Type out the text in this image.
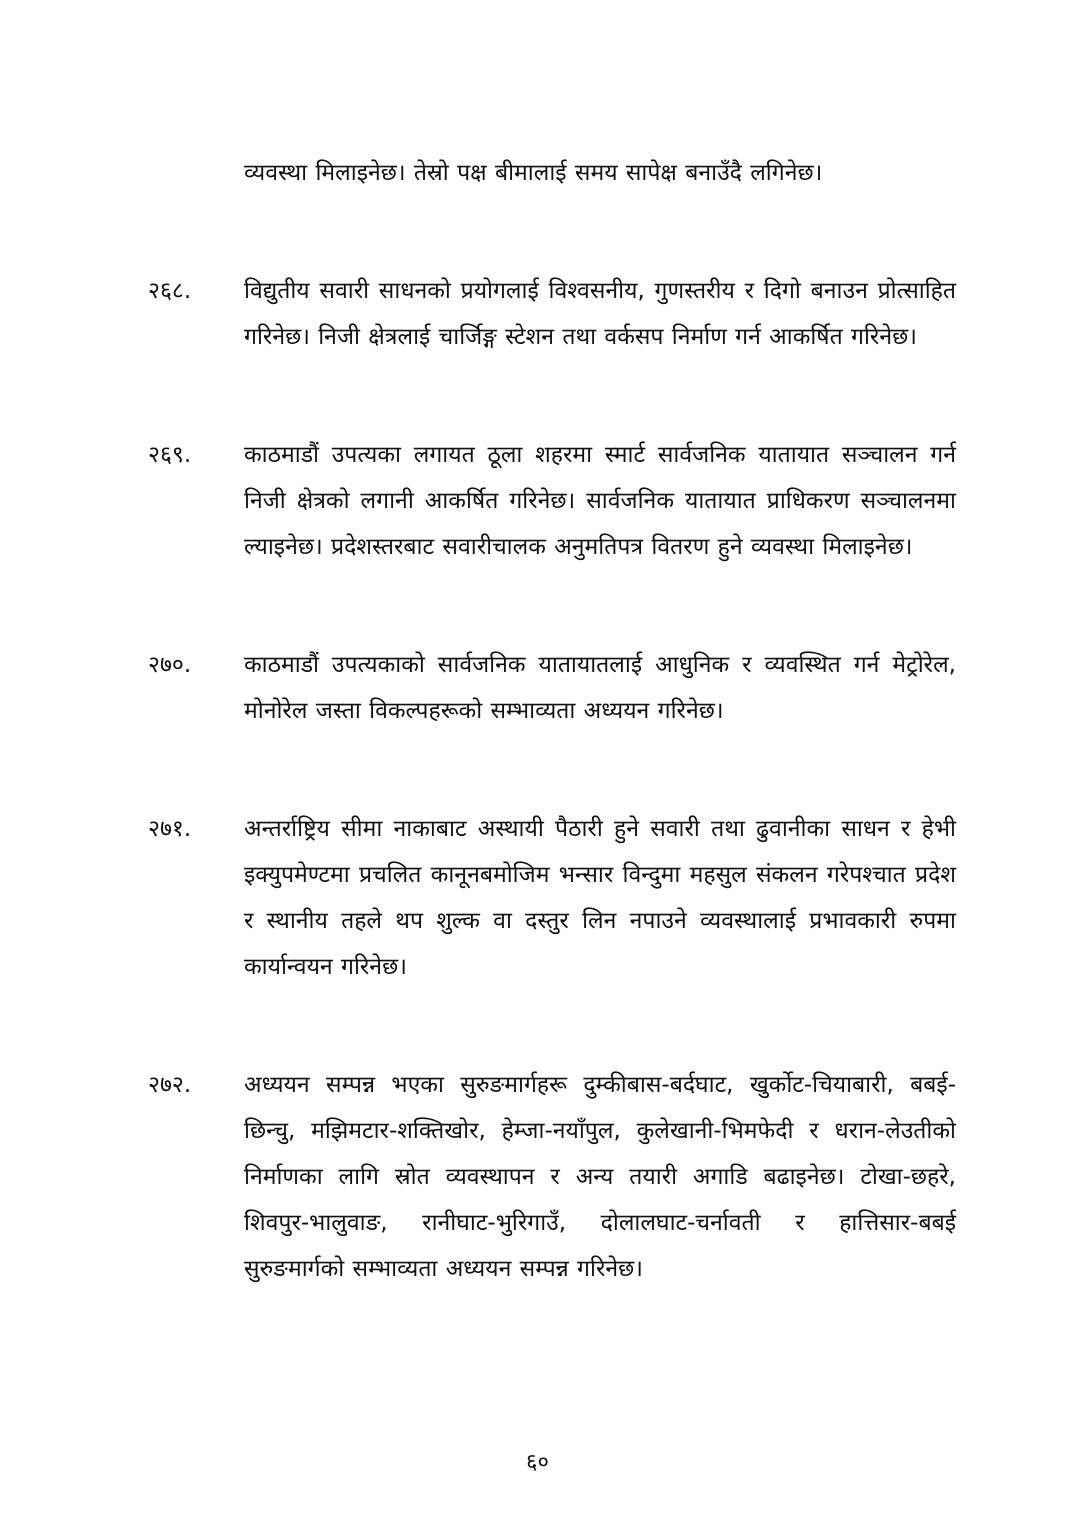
व्यवस्था मिलाइनेछ। तेस्रो पक्ष बीमालाई समय सापेक्ष बनाउँदै लगिनेछ।
२६८.	विद्युतीय सवारी साधनको प्रयोगलाई विश्वसनीय, गुणस्तरीय र दिगो बनाउन प्रोत्साहित गरिनेछ। निजी क्षेत्रलाई चार्जिङ्ग स्टेशन तथा वर्कसप निर्माण गर्न आकर्षित गरिनेछ।
२६९.	काठमाडौं उपत्यका लगायत ठूला शहरमा स्मार्ट सार्वजनिक यातायात सञ्चालन गर्न निजी क्षेत्रको लगानी आकर्षित गरिनेछ। सार्वजनिक यातायात प्राधिकरण सञ्चालनमा ल्याइनेछ। प्रदेशस्तरबाट सवारीचालक अनुमतिपत्र वितरण हुने व्यवस्था मिलाइनेछ।
२७०.	काठमाडौं उपत्यकाको सार्वजनिक यातायातलाई आधुनिक र व्यवस्थित गर्न मेट्रोरेल, मोनोरेल जस्ता विकल्पहरूको सम्भाव्यता अध्ययन गरिनेछ।
२७१.	अन्तर्राष्ट्रिय सीमा नाकाबाट अस्थायी पैठारी हुने सवारी तथा ढुवानीका साधन र हेभी इक्युपमेण्टमा प्रचलित कानूनबमोजिम भन्सार विन्दुमा महसुल संकलन गरेपश्चात प्रदेश र स्थानीय तहले थप शुल्क वा दस्तुर लिन नपाउने व्यवस्थालाई प्रभावकारी रुपमा कार्यान्वयन गरिनेछ।
२७२.	अध्ययन सम्पन्न भएका सुरुङमार्गहरू दुम्कीबास-बर्दघाट, खुर्कोट-चियाबारी, बबई-छिन्चु, मझिमटार-शक्तिखोर, हेम्जा-नयाँपुल, कुलेखानी-भिमफेदी र धरान-लेउतीको निर्माणका लागि स्रोत व्यवस्थापन र अन्य तयारी अगाडि बढाइनेछ। टोखा-छहरे, शिवपुर-भालुवाङ, रानीघाट-भुरिगाउँ, दोलालघाट-चर्नावती र हात्तिसार-बबई सुरुङमार्गको सम्भाव्यता अध्ययन सम्पन्न गरिनेछ।
६०
